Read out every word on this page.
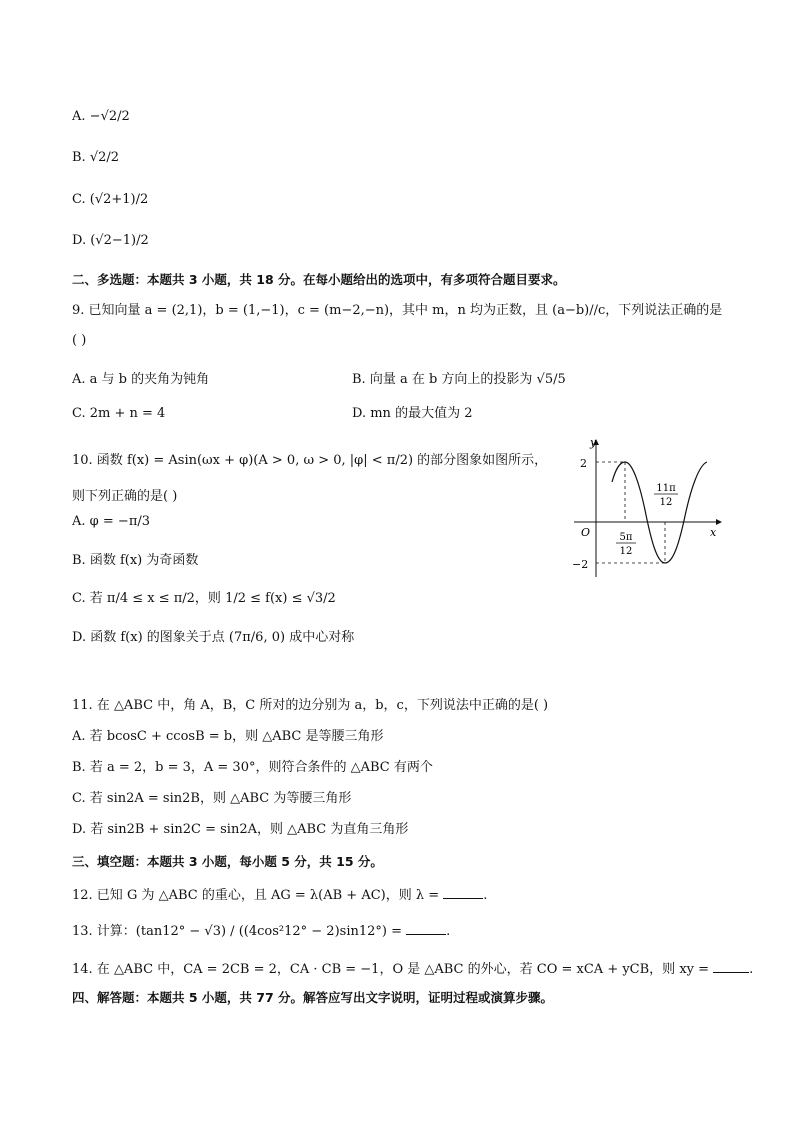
A. −√2/2
B. √2/2
C. (√2+1)/2
D. (√2−1)/2
二、多选题：本题共 3 小题，共 18 分。在每小题给出的选项中，有多项符合题目要求。
9. 已知向量 a = (2,1)，b = (1,−1)，c = (m−2,−n)，其中 m，n 均为正数，且 (a−b)//c，下列说法正确的是
( )
A. a 与 b 的夹角为钝角	B. 向量 a 在 b 方向上的投影为 √5/5
C. 2m + n = 4	D. mn 的最大值为 2
10. 函数 f(x) = Asin(ωx + φ)(A > 0, ω > 0, |φ| < π/2) 的部分图象如图所示，则下列正确的是( )
A. φ = −π/3
B. 函数 f(x) 为奇函数
C. 若 π/4 ≤ x ≤ π/2，则 1/2 ≤ f(x) ≤ √3/2
D. 函数 f(x) 的图象关于点 (7π/6, 0) 成中心对称
y
x
O
2
−2
5π
12
11π
12
11. 在 △ABC 中，角 A，B，C 所对的边分别为 a，b，c，下列说法中正确的是( )
A. 若 bcosC + ccosB = b，则 △ABC 是等腰三角形
B. 若 a = 2，b = 3，A = 30°，则符合条件的 △ABC 有两个
C. 若 sin2A = sin2B，则 △ABC 为等腰三角形
D. 若 sin2B + sin2C = sin2A，则 △ABC 为直角三角形
三、填空题：本题共 3 小题，每小题 5 分，共 15 分。
12. 已知 G 为 △ABC 的重心，且 AG = λ(AB + AC)，则 λ =	.
13. 计算：(tan12° − √3) / ((4cos²12° − 2)sin12°) =	.
14. 在 △ABC 中，CA = 2CB = 2，CA · CB = −1，O 是 △ABC 的外心，若 CO = xCA + yCB，则 xy =	.
四、解答题：本题共 5 小题，共 77 分。解答应写出文字说明，证明过程或演算步骤。
